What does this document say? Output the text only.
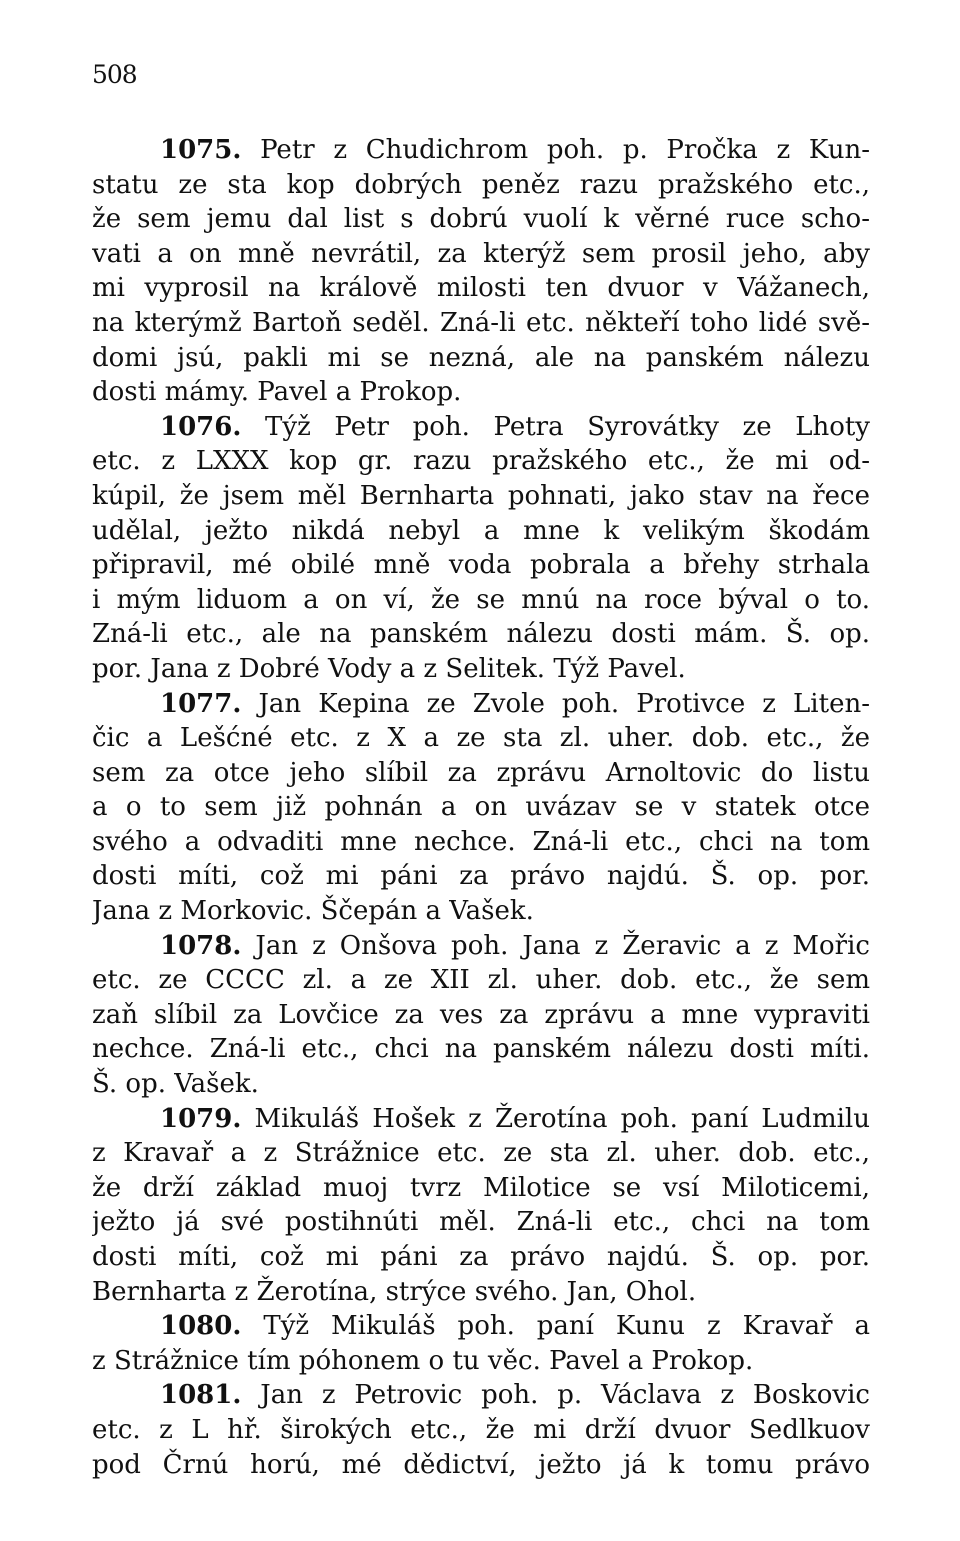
508
1075. Petr z Chudichrom poh. p. Pročka z Kun-
statu ze sta kop dobrých peněz razu pražského etc.,
že sem jemu dal list s dobrú vuolí k věrné ruce scho-
vati a on mně nevrátil, za kterýž sem prosil jeho, aby
mi vyprosil na králově milosti ten dvuor v Vážanech,
na kterýmž Bartoň seděl. Zná-li etc. někteří toho lidé svě-
domi jsú, pakli mi se nezná, ale na panském nálezu
dosti mámy. Pavel a Prokop.
1076. Týž Petr poh. Petra Syrovátky ze Lhoty
etc. z LXXX kop gr. razu pražského etc., že mi od-
kúpil, že jsem měl Bernharta pohnati, jako stav na řece
udělal, ježto nikdá nebyl a mne k velikým škodám
připravil, mé obilé mně voda pobrala a břehy strhala
i mým liduom a on ví, že se mnú na roce býval o to.
Zná-li etc., ale na panském nálezu dosti mám. Š. op.
por. Jana z Dobré Vody a z Selitek. Týž Pavel.
1077. Jan Kepina ze Zvole poh. Protivce z Liten-
čic a Lešćné etc. z X a ze sta zl. uher. dob. etc., že
sem za otce jeho slíbil za zprávu Arnoltovic do listu
a o to sem již pohnán a on uvázav se v statek otce
svého a odvaditi mne nechce. Zná-li etc., chci na tom
dosti míti, což mi páni za právo najdú. Š. op. por.
Jana z Morkovic. Ščepán a Vašek.
1078. Jan z Onšova poh. Jana z Žeravic a z Mořic
etc. ze CCCC zl. a ze XII zl. uher. dob. etc., že sem
zaň slíbil za Lovčice za ves za zprávu a mne vypraviti
nechce. Zná-li etc., chci na panském nálezu dosti míti.
Š. op. Vašek.
1079. Mikuláš Hošek z Žerotína poh. paní Ludmilu
z Kravař a z Strážnice etc. ze sta zl. uher. dob. etc.,
že drží základ muoj tvrz Milotice se vsí Miloticemi,
ježto já své postihnúti měl. Zná-li etc., chci na tom
dosti míti, což mi páni za právo najdú. Š. op. por.
Bernharta z Žerotína, strýce svého. Jan, Ohol.
1080. Týž Mikuláš poh. paní Kunu z Kravař a
z Strážnice tím póhonem o tu věc. Pavel a Prokop.
1081. Jan z Petrovic poh. p. Václava z Boskovic
etc. z L hř. širokých etc., že mi drží dvuor Sedlkuov
pod Črnú horú, mé dědictví, ježto já k tomu právo
